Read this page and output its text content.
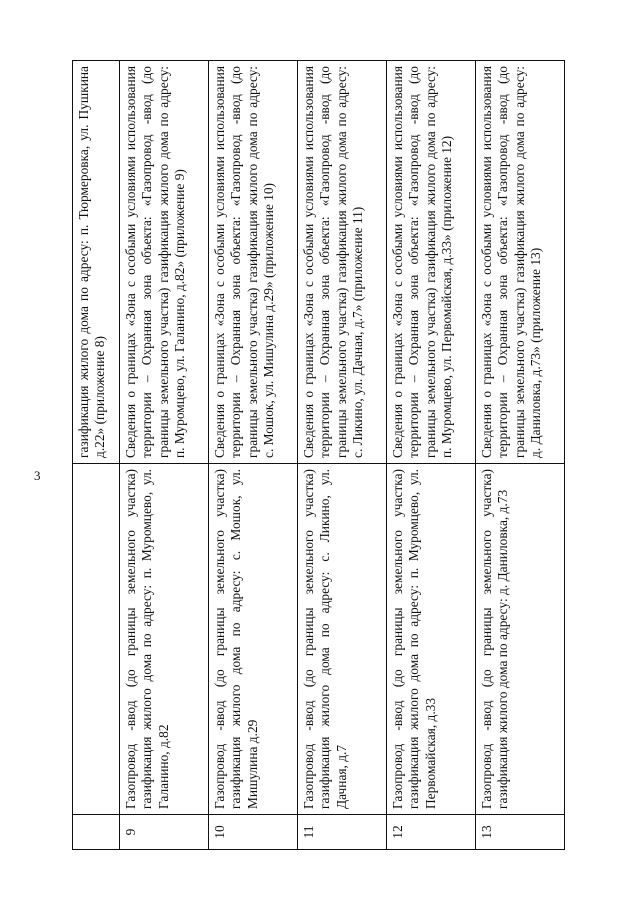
3
		газификация жилого дома по адресу: п. Тюрмеровка, ул. Пушкина д.22» (приложение 8)
9	Газопровод -ввод (до границы земельного участка) газификация жилого дома по адресу: п. Муромцево, ул. Галанино, д.82	Сведения о границах «Зона с особыми условиями использования территории – Охранная зона объекта: «Газопровод -ввод (до границы земельного участка) газификация жилого дома по адресу: п. Муромцево, ул. Галанино, д.82» (приложение 9)
10	Газопровод -ввод (до границы земельного участка) газификация жилого дома по адресу: с. Мошок, ул. Мишулина д.29	Сведения о границах «Зона с особыми условиями использования территории – Охранная зона объекта: «Газопровод -ввод (до границы земельного участка) газификация жилого дома по адресу: с. Мошок, ул. Мишулина д.29» (приложение 10)
11	Газопровод -ввод (до границы земельного участка) газификация жилого дома по адресу: с. Ликино, ул. Дачная, д.7	Сведения о границах «Зона с особыми условиями использования территории – Охранная зона объекта: «Газопровод -ввод (до границы земельного участка) газификация жилого дома по адресу: с. Ликино, ул. Дачная, д.7» (приложение 11)
12	Газопровод -ввод (до границы земельного участка) газификация жилого дома по адресу: п. Муромцево, ул. Первомайская, д.33	Сведения о границах «Зона с особыми условиями использования территории – Охранная зона объекта: «Газопровод -ввод (до границы земельного участка) газификация жилого дома по адресу: п. Муромцево, ул. Первомайская, д.33» (приложение 12)
13	Газопровод -ввод (до границы земельного участка) газификация жилого дома по адресу: д. Даниловка, д.73	Сведения о границах «Зона с особыми условиями использования территории – Охранная зона объекта: «Газопровод -ввод (до границы земельного участка) газификация жилого дома по адресу: д. Даниловка, д.73» (приложение 13)
